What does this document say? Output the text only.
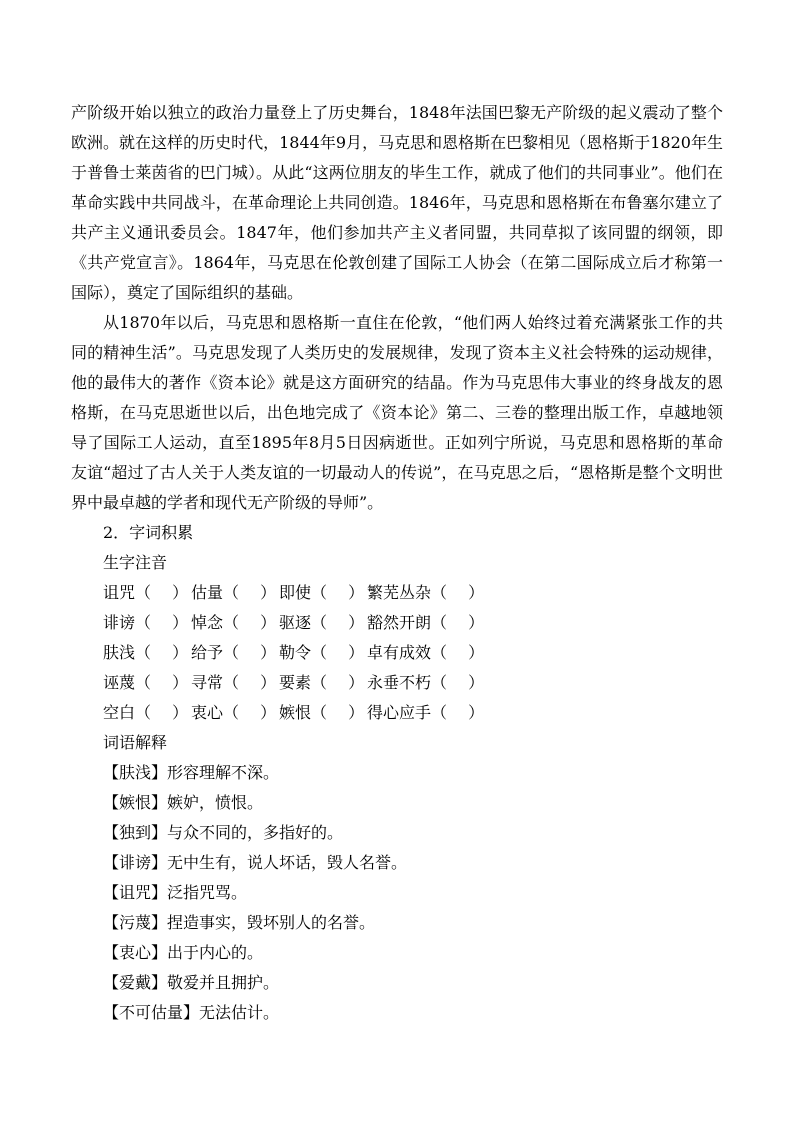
产阶级开始以独立的政治力量登上了历史舞台，1848年法国巴黎无产阶级的起义震动了整个欧洲。就在这样的历史时代，1844年9月，马克思和恩格斯在巴黎相见（恩格斯于1820年生于普鲁士莱茵省的巴门城）。从此“这两位朋友的毕生工作，就成了他们的共同事业”。他们在革命实践中共同战斗，在革命理论上共同创造。1846年，马克思和恩格斯在布鲁塞尔建立了共产主义通讯委员会。1847年，他们参加共产主义者同盟，共同草拟了该同盟的纲领，即《共产党宣言》。1864年，马克思在伦敦创建了国际工人协会（在第二国际成立后才称第一国际），奠定了国际组织的基础。

从1870年以后，马克思和恩格斯一直住在伦敦，“他们两人始终过着充满紧张工作的共同的精神生活”。马克思发现了人类历史的发展规律，发现了资本主义社会特殊的运动规律，他的最伟大的著作《资本论》就是这方面研究的结晶。作为马克思伟大事业的终身战友的恩格斯，在马克思逝世以后，出色地完成了《资本论》第二、三卷的整理出版工作，卓越地领导了国际工人运动，直至1895年8月5日因病逝世。正如列宁所说，马克思和恩格斯的革命友谊“超过了古人关于人类友谊的一切最动人的传说”，在马克思之后，“恩格斯是整个文明世界中最卓越的学者和现代无产阶级的导师”。

2．字词积累

生字注音

诅咒（  ） 估量（  ） 即使（  ） 繁芜丛杂（  ）
诽谤（  ） 悼念（  ） 驱逐（  ） 豁然开朗（  ）
肤浅（  ） 给予（  ） 勒令（  ） 卓有成效（  ）
诬蔑（  ） 寻常（  ） 要素（  ） 永垂不朽（  ）
空白（  ） 衷心（  ） 嫉恨（  ） 得心应手（  ）

词语解释

【肤浅】形容理解不深。

【嫉恨】嫉妒，愤恨。

【独到】与众不同的，多指好的。

【诽谤】无中生有，说人坏话，毁人名誉。

【诅咒】泛指咒骂。

【污蔑】捏造事实，毁坏别人的名誉。

【衷心】出于内心的。

【爱戴】敬爱并且拥护。

【不可估量】无法估计。
